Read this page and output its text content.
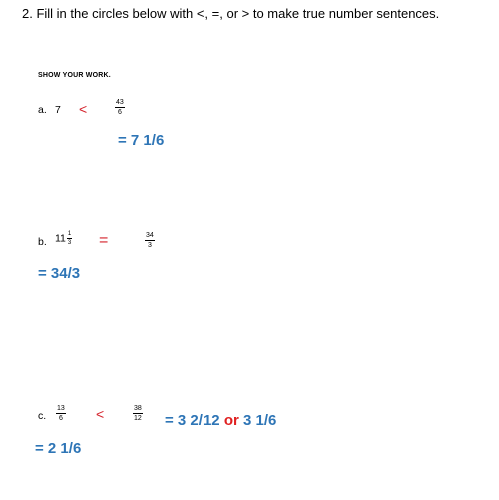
2. Fill in the circles below with <, =, or > to make true number sentences.
SHOW YOUR WORK.
a. 7 <	$\frac{43}{6}$
= 7 1/6
b. $11 \frac{1}{3}$ =	$\frac{34}{3}$
= 34/3
c. $\frac{13}{6}$ <	$\frac{38}{12} = 3$ 2/12 or 3 1/6
= 2 1/6
